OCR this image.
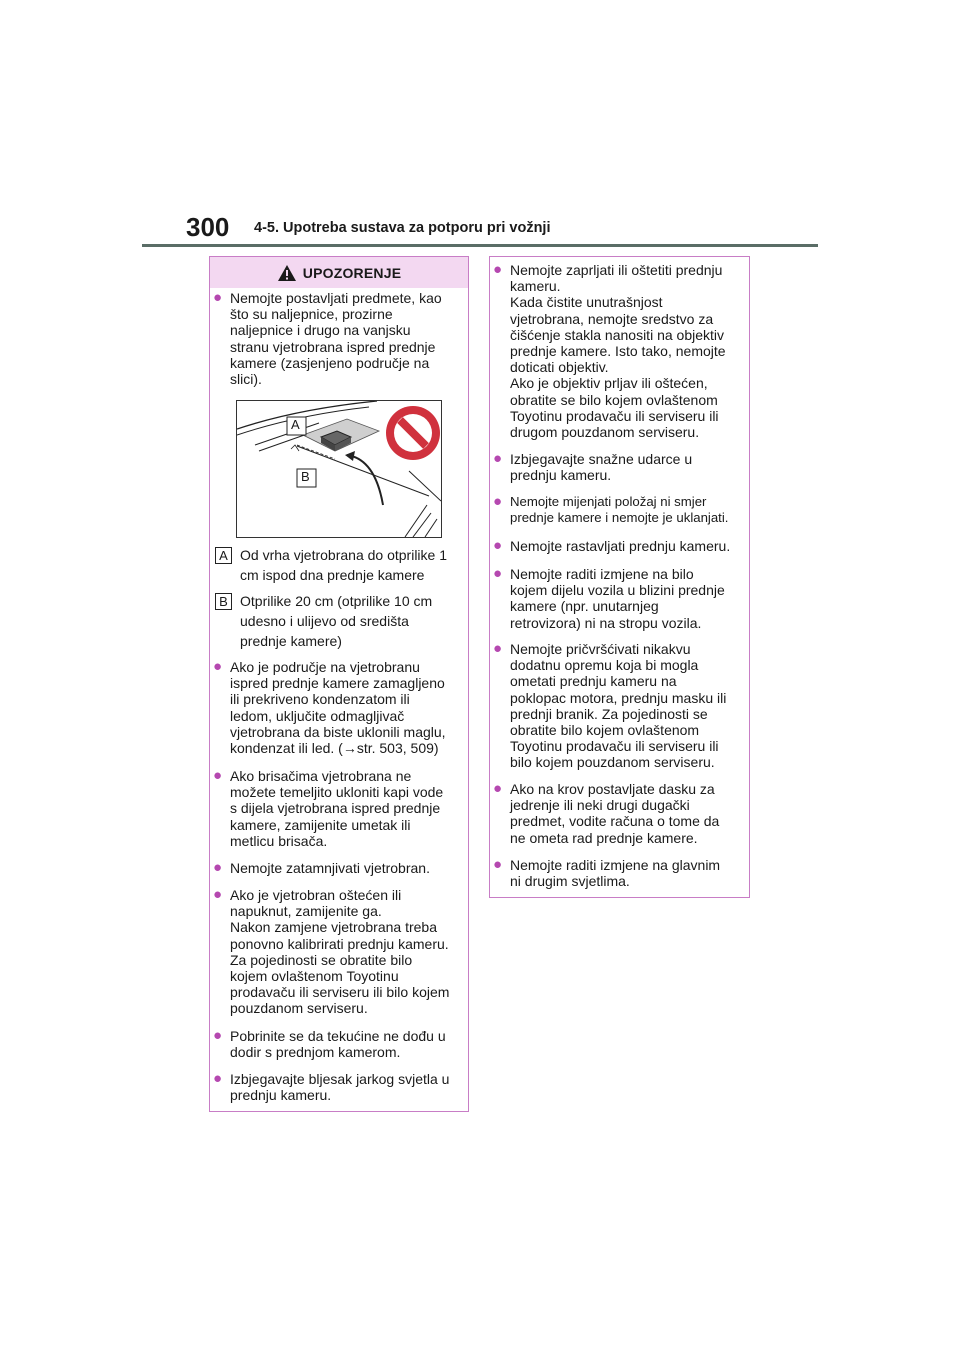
300 4-5. Upotreba sustava za potporu pri vožnji
UPOZORENJE
● Nemojte postavljati predmete, kao
što su naljepnice, prozirne
naljepnice i drugo na vanjsku
stranu vjetrobrana ispred prednje
kamere (zasjenjeno područje na
slici).
A
B
A Od vrha vjetrobrana do otprilike 1
cm ispod dna prednje kamere
B Otprilike 20 cm (otprilike 10 cm
udesno i ulijevo od središta
prednje kamere)
● Ako je područje na vjetrobranu
ispred prednje kamere zamagljeno
ili prekriveno kondenzatom ili
ledom, uključite odmagljivač
vjetrobrana da biste uklonili maglu,
kondenzat ili led. (→str. 503, 509)
● Ako brisačima vjetrobrana ne
možete temeljito ukloniti kapi vode
s dijela vjetrobrana ispred prednje
kamere, zamijenite umetak ili
metlicu brisača.
● Nemojte zatamnjivati vjetrobran.
● Ako je vjetrobran oštećen ili
napuknut, zamijenite ga.
Nakon zamjene vjetrobrana treba
ponovno kalibrirati prednju kameru.
Za pojedinosti se obratite bilo
kojem ovlaštenom Toyotinu
prodavaču ili serviseru ili bilo kojem
pouzdanom serviseru.
● Pobrinite se da tekućine ne dođu u
dodir s prednjom kamerom.
● Izbjegavajte bljesak jarkog svjetla u
prednju kameru.
● Nemojte zaprljati ili oštetiti prednju
kameru.
Kada čistite unutrašnjost
vjetrobrana, nemojte sredstvo za
čišćenje stakla nanositi na objektiv
prednje kamere. Isto tako, nemojte
doticati objektiv.
Ako je objektiv prljav ili oštećen,
obratite se bilo kojem ovlaštenom
Toyotinu prodavaču ili serviseru ili
drugom pouzdanom serviseru.
● Izbjegavajte snažne udarce u
prednju kameru.
● Nemojte mijenjati položaj ni smjer
prednje kamere i nemojte je uklanjati.
● Nemojte rastavljati prednju kameru.
● Nemojte raditi izmjene na bilo
kojem dijelu vozila u blizini prednje
kamere (npr. unutarnjeg
retrovizora) ni na stropu vozila.
● Nemojte pričvršćivati nikakvu
dodatnu opremu koja bi mogla
ometati prednju kameru na
poklopac motora, prednju masku ili
prednji branik. Za pojedinosti se
obratite bilo kojem ovlaštenom
Toyotinu prodavaču ili serviseru ili
bilo kojem pouzdanom serviseru.
● Ako na krov postavljate dasku za
jedrenje ili neki drugi dugački
predmet, vodite računa o tome da
ne ometa rad prednje kamere.
● Nemojte raditi izmjene na glavnim
ni drugim svjetlima.
